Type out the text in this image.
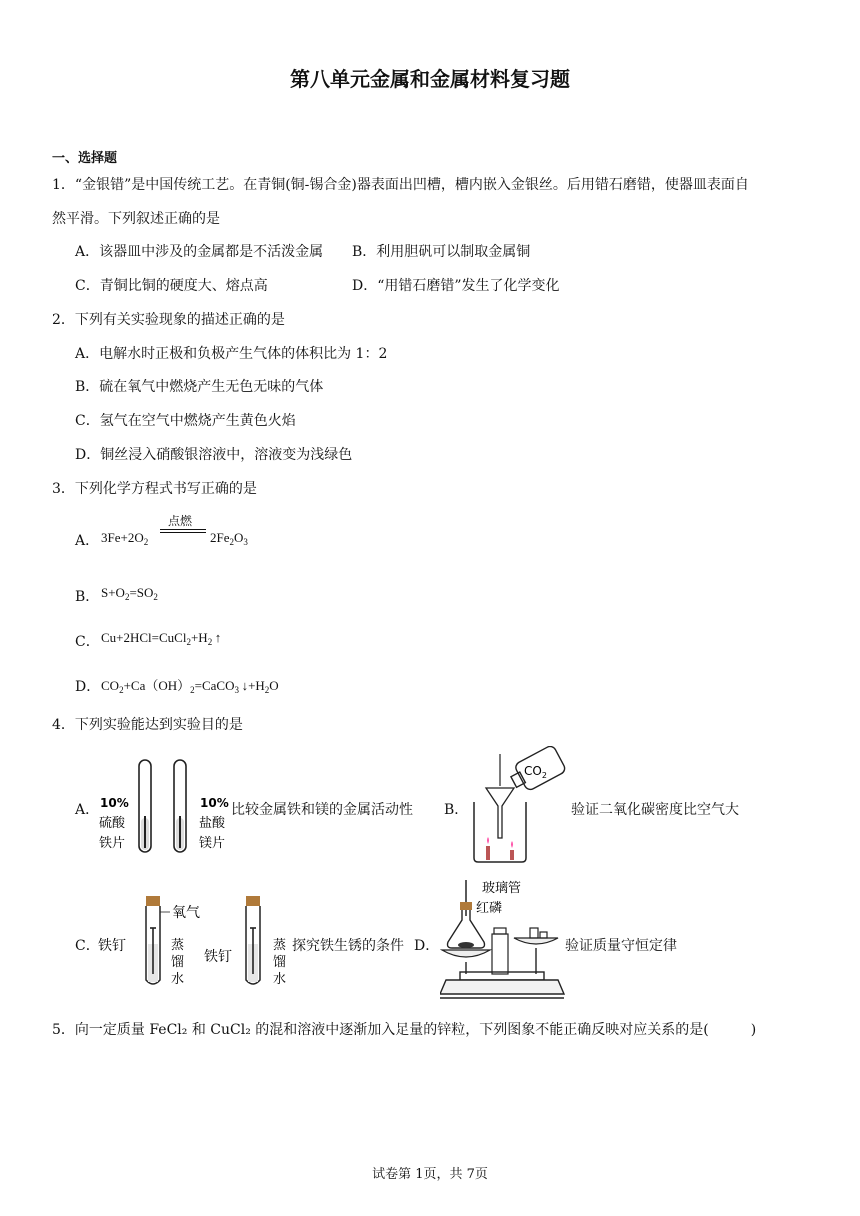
第八单元金属和金属材料复习题
一、选择题
1．“金银错”是中国传统工艺。在青铜(铜-锡合金)器表面出凹槽，槽内嵌入金银丝。后用错石磨错，使器皿表面自
然平滑。下列叙述正确的是
A．该器皿中涉及的金属都是不活泼金属 B．利用胆矾可以制取金属铜
C．青铜比铜的硬度大、熔点高	D．“用错石磨错”发生了化学变化
2．下列有关实验现象的描述正确的是
A．电解水时正极和负极产生气体的体积比为 1：2
B．硫在氧气中燃烧产生无色无味的气体
C．氢气在空气中燃烧产生黄色火焰
D．铜丝浸入硝酸银溶液中，溶液变为浅绿色
3．下列化学方程式书写正确的是
A． $3Fe+2O_2$
点燃
$2Fe_2O_3$
B． $S+O_2=SO_2$
C． $Cu+2HCl=CuCl_2+H_2$ ↑
D． $CO_2+Ca(OH)_2=CaCO_3$ $↓+H_2O$
4．下列实验能达到实验目的是
A． 10%
硫酸
铁片
10%
盐酸
镁片
比较金属铁和镁的金属活动性 B．
$CO_2$
验证二氧化碳密度比空气大
C．
氧气
铁钉	蒸
馏
水
铁钉
蒸
馏
水
探究铁生锈的条件 D．
玻璃管
红磷
验证质量守恒定律
5．向一定质量 FeCl₂ 和 CuCl₂ 的混和溶液中逐渐加入足量的锌粒，下列图象不能正确反映对应关系的是(　　　)
试卷第 1页，共 7页
